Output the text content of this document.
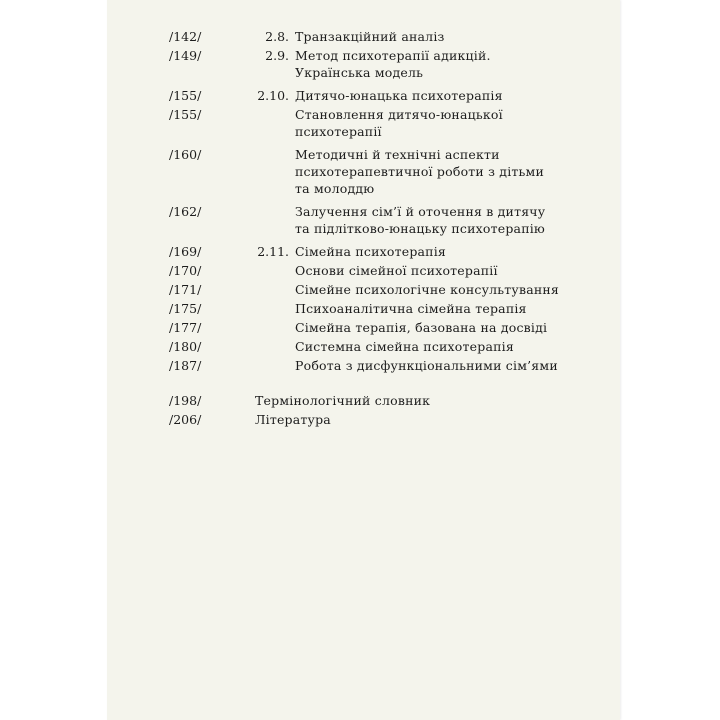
/142/	2.8. Транзакційний аналіз
/149/	2.9. Метод психотерапії адикцій.
Українська модель
/155/	2.10. Дитячо-юнацька психотерапія
/155/	Становлення дитячо-юнацької
психотерапії
/160/	Методичні й технічні аспекти
психотерапевтичної роботи з дітьми
та молоддю
/162/	Залучення сім’ї й оточення в дитячу
та підлітково-юнацьку психотерапію
/169/	2.11. Сімейна психотерапія
/170/	Основи сімейної психотерапії
/171/	Сімейне психологічне консультування
/175/	Психоаналітична сімейна терапія
/177/	Сімейна терапія, базована на досвіді
/180/	Системна сімейна психотерапія
/187/	Робота з дисфункціональними сім’ями
/198/	Термінологічний словник
/206/	Література
